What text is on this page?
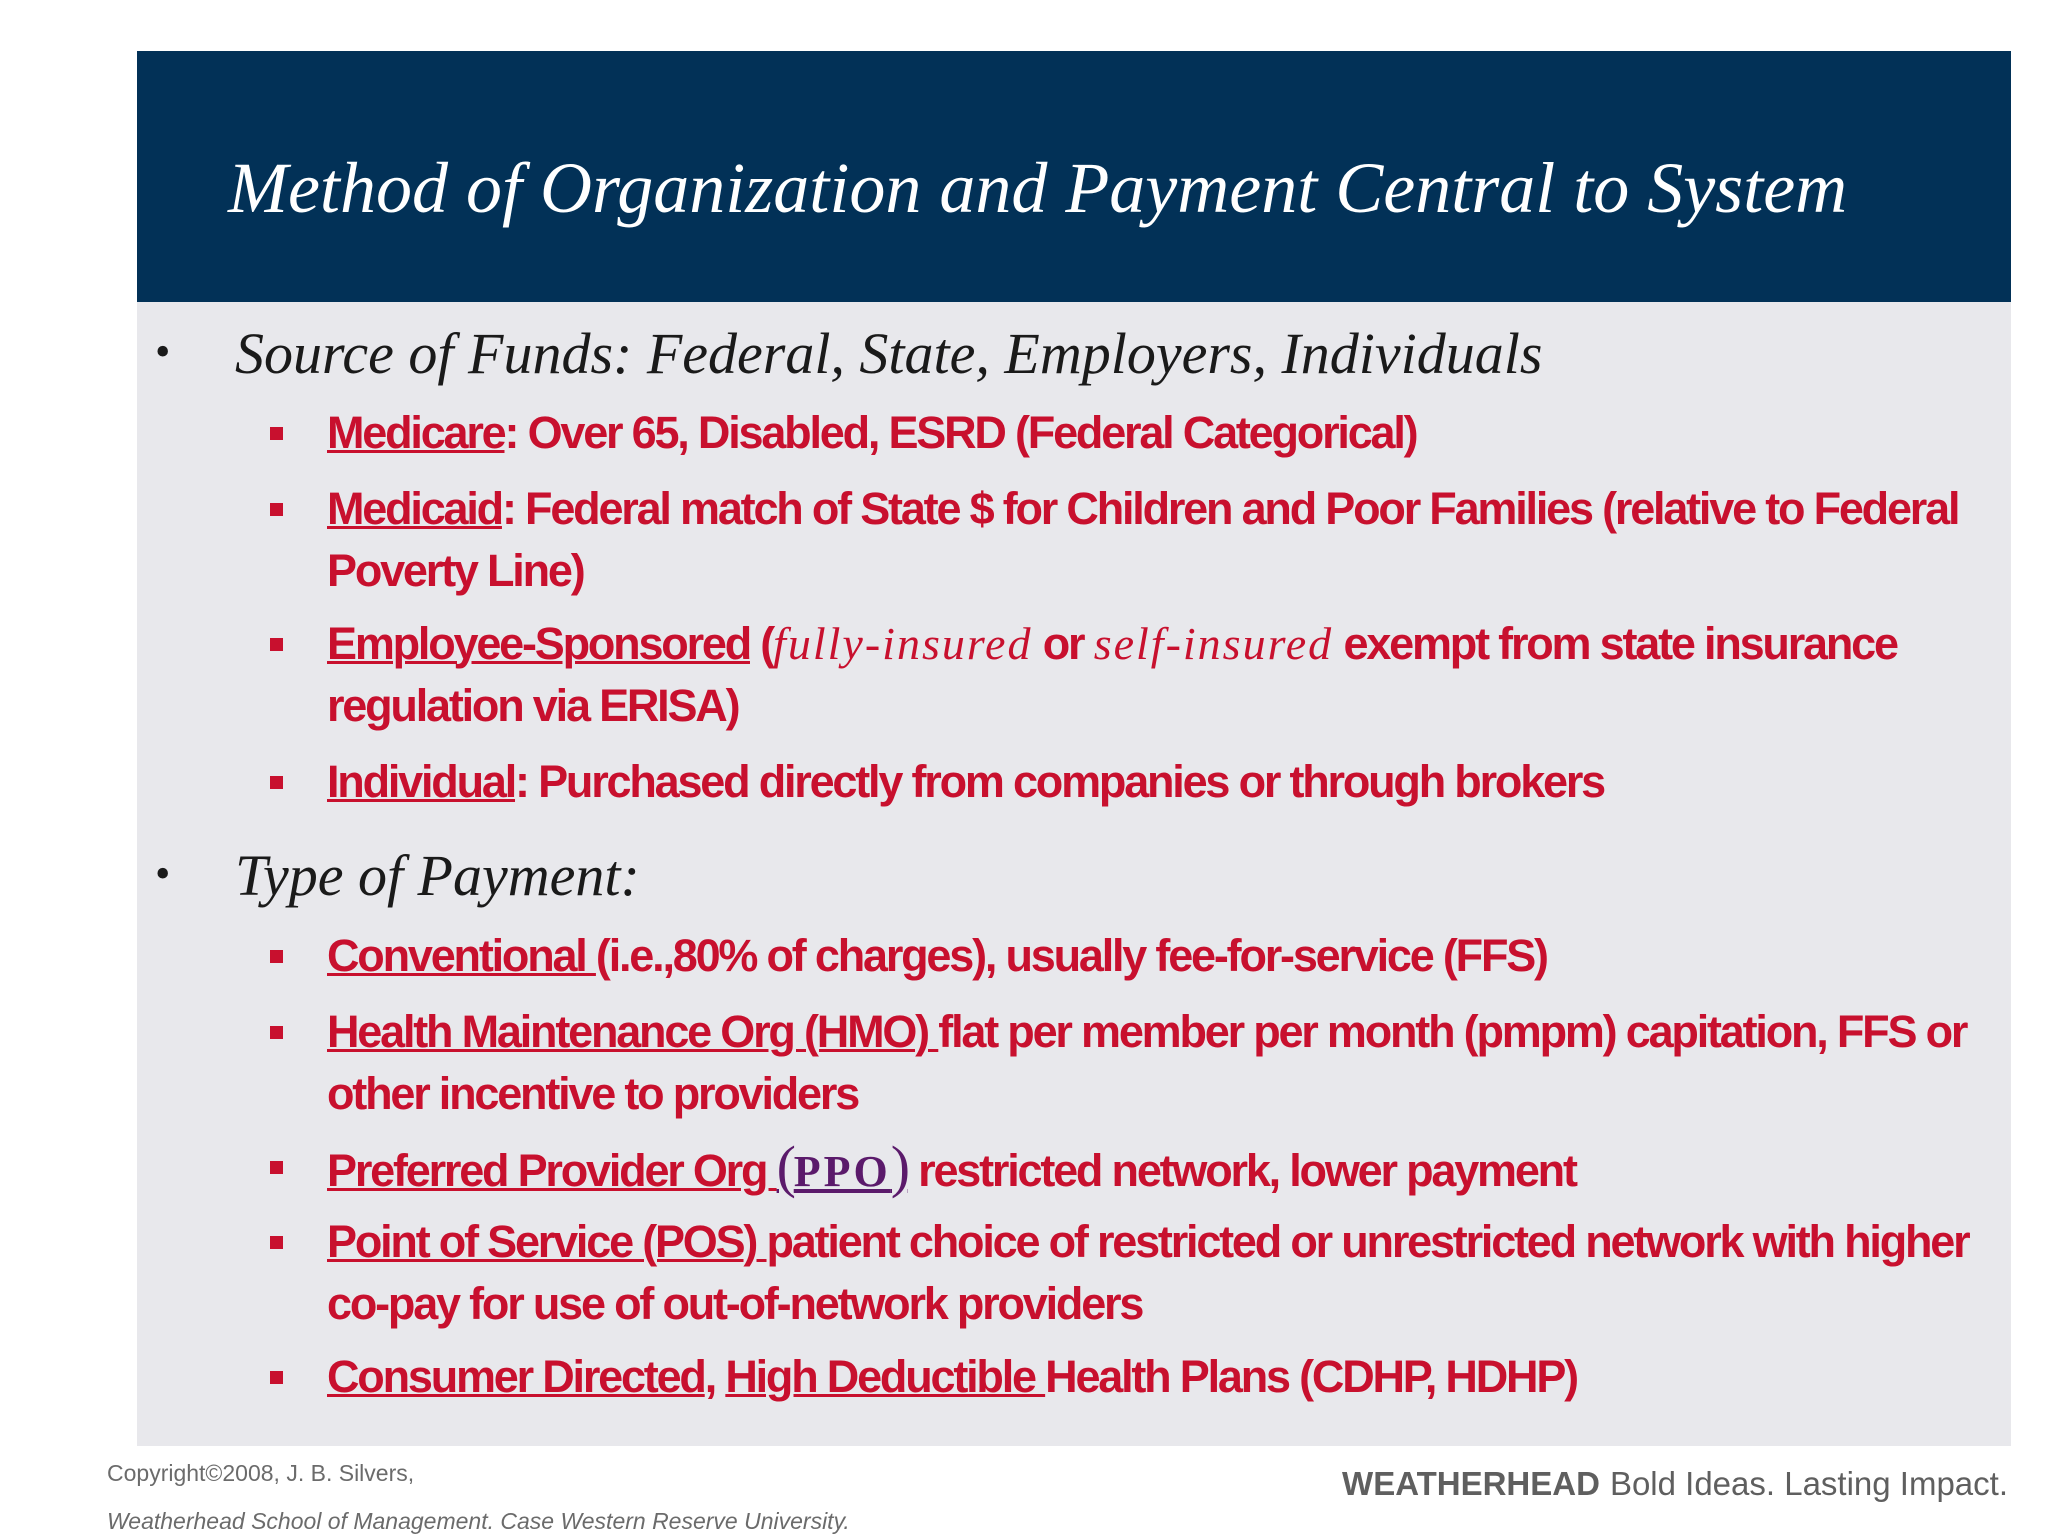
Method of Organization and Payment Central to System
• Source of Funds: Federal, State, Employers, Individuals
Medicare: Over 65, Disabled, ESRD (Federal Categorical)
Medicaid: Federal match of State $ for Children and Poor Families (relative to Federal Poverty Line)
Employee-Sponsored (fully-insured or self-insured exempt from state insurance regulation via ERISA)
Individual: Purchased directly from companies or through brokers
• Type of Payment:
Conventional (i.e.,80% of charges), usually fee-for-service (FFS)
Health Maintenance Org (HMO) flat per member per month (pmpm) capitation, FFS or other incentive to providers
Preferred Provider Org (PPO) restricted network, lower payment
Point of Service (POS) patient choice of restricted or unrestricted network with higher co-pay for use of out-of-network providers
Consumer Directed, High Deductible Health Plans (CDHP, HDHP)
Copyright©2008, J. B. Silvers,
Weatherhead School of Management. Case Western Reserve University.
WEATHERHEAD Bold Ideas. Lasting Impact.
